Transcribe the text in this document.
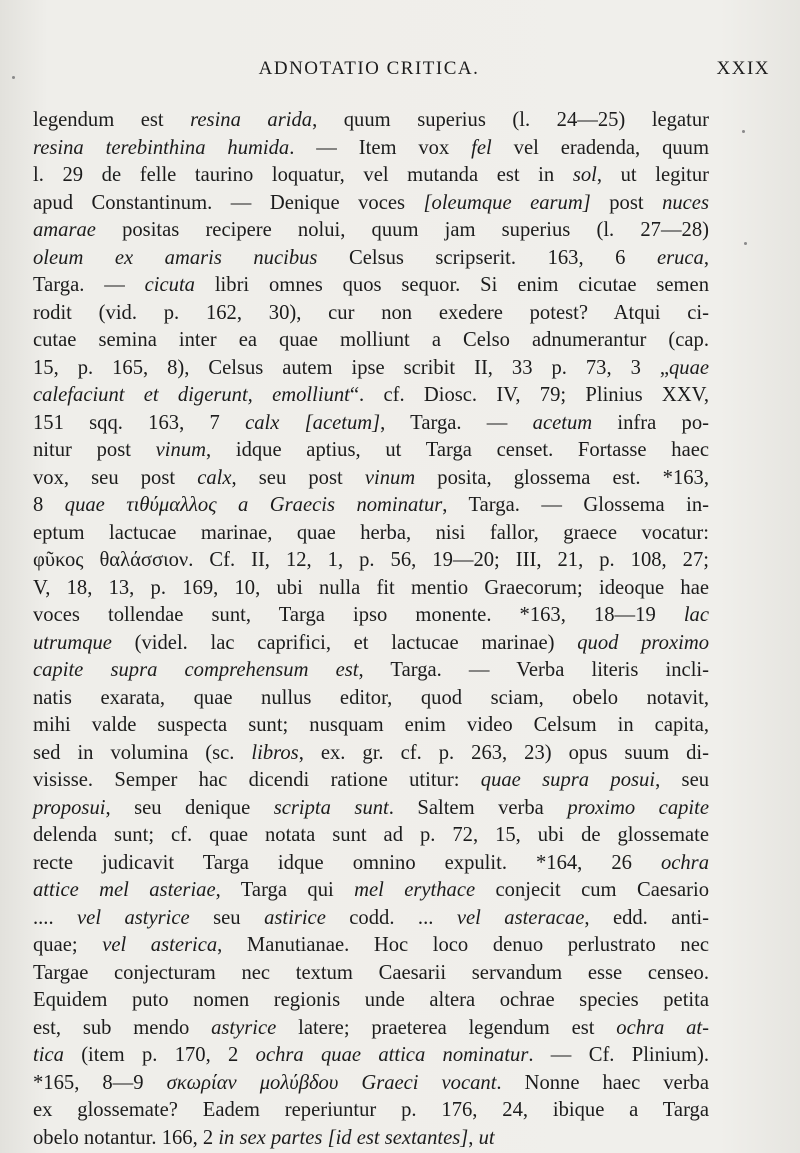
ADNOTATIO CRITICA.	XXIX
legendum est resina arida, quum superius (l. 24—25) legatur
resina terebinthina humida. — Item vox fel vel eradenda, quum
l. 29 de felle taurino loquatur, vel mutanda est in sol, ut legitur
apud Constantinum. — Denique voces [oleumque earum] post nuces
amarae positas recipere nolui, quum jam superius (l. 27—28)
oleum ex amaris nucibus Celsus scripserit. 163, 6 eruca,
Targa. — cicuta libri omnes quos sequor. Si enim cicutae semen
rodit (vid. p. 162, 30), cur non exedere potest? Atqui ci-
cutae semina inter ea quae molliunt a Celso adnumerantur (cap.
15, p. 165, 8), Celsus autem ipse scribit II, 33 p. 73, 3 „quae
calefaciunt et digerunt, emolliunt“. cf. Diosc. IV, 79; Plinius XXV,
151 sqq. 163, 7 calx [acetum], Targa. — acetum infra po-
nitur post vinum, idque aptius, ut Targa censet. Fortasse haec
vox, seu post calx, seu post vinum posita, glossema est. *163,
8 quae τιθύμαλλος a Graecis nominatur, Targa. — Glossema in-
eptum lactucae marinae, quae herba, nisi fallor, graece vocatur:
φῦκος θαλάσσιον. Cf. II, 12, 1, p. 56, 19—20; III, 21, p. 108, 27;
V, 18, 13, p. 169, 10, ubi nulla fit mentio Graecorum; ideoque hae
voces tollendae sunt, Targa ipso monente. *163, 18—19 lac
utrumque (videl. lac caprifici, et lactucae marinae) quod proximo
capite supra comprehensum est, Targa. — Verba literis incli-
natis exarata, quae nullus editor, quod sciam, obelo notavit,
mihi valde suspecta sunt; nusquam enim video Celsum in capita,
sed in volumina (sc. libros, ex. gr. cf. p. 263, 23) opus suum di-
visisse. Semper hac dicendi ratione utitur: quae supra posui, seu
proposui, seu denique scripta sunt. Saltem verba proximo capite
delenda sunt; cf. quae notata sunt ad p. 72, 15, ubi de glossemate
recte judicavit Targa idque omnino expulit. *164, 26 ochra
attice mel asteriae, Targa qui mel erythace conjecit cum Caesario
.... vel astyrice seu astirice codd. ... vel asteracae, edd. anti-
quae; vel asterica, Manutianae. Hoc loco denuo perlustrato nec
Targae conjecturam nec textum Caesarii servandum esse censeo.
Equidem puto nomen regionis unde altera ochrae species petita
est, sub mendo astyrice latere; praeterea legendum est ochra at-
tica (item p. 170, 2 ochra quae attica nominatur. — Cf. Plinium).
*165, 8—9 σκωρίαν μολύβδου Graeci vocant. Nonne haec verba
ex glossemate? Eadem reperiuntur p. 176, 24, ibique a Targa
obelo notantur. 166, 2 in sex partes [id est sextantes], ut
